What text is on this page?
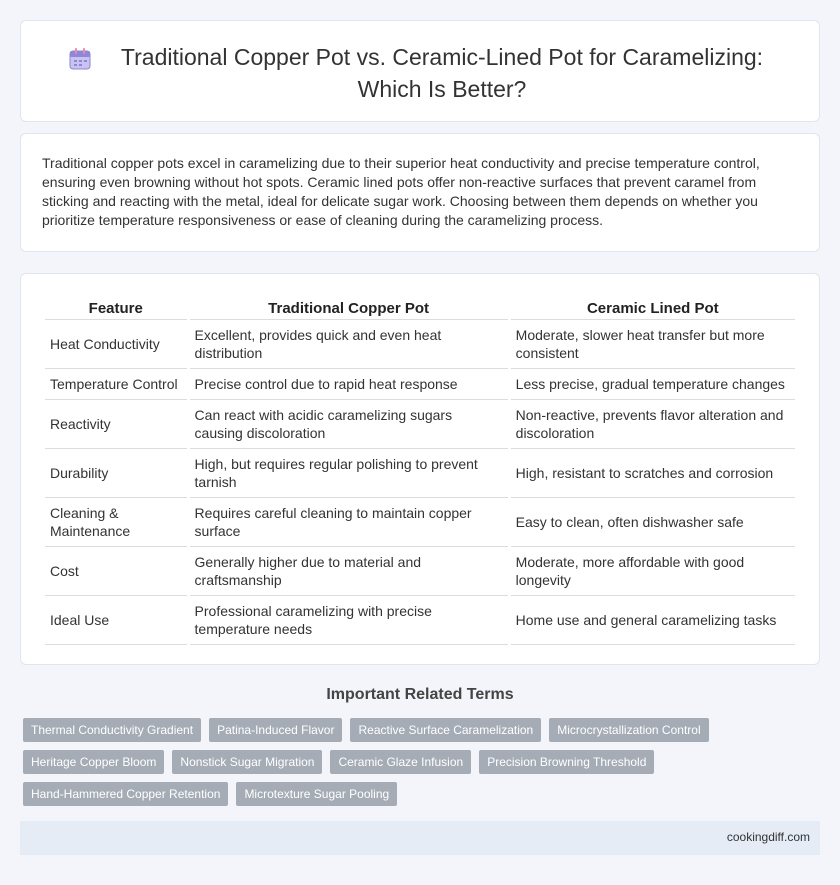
Traditional Copper Pot vs. Ceramic-Lined Pot for Caramelizing: Which Is Better?

Traditional copper pots excel in caramelizing due to their superior heat conductivity and precise temperature control, ensuring even browning without hot spots. Ceramic lined pots offer non-reactive surfaces that prevent caramel from sticking and reacting with the metal, ideal for delicate sugar work. Choosing between them depends on whether you prioritize temperature responsiveness or ease of cleaning during the caramelizing process.

Feature	Traditional Copper Pot	Ceramic Lined Pot
Heat Conductivity	Excellent, provides quick and even heat distribution	Moderate, slower heat transfer but more consistent
Temperature Control	Precise control due to rapid heat response	Less precise, gradual temperature changes
Reactivity	Can react with acidic caramelizing sugars causing discoloration	Non-reactive, prevents flavor alteration and discoloration
Durability	High, but requires regular polishing to prevent tarnish	High, resistant to scratches and corrosion
Cleaning & Maintenance	Requires careful cleaning to maintain copper surface	Easy to clean, often dishwasher safe
Cost	Generally higher due to material and craftsmanship	Moderate, more affordable with good longevity
Ideal Use	Professional caramelizing with precise temperature needs	Home use and general caramelizing tasks
Important Related Terms
Thermal Conductivity Gradient	Patina-Induced Flavor	Reactive Surface Caramelization	Microcrystallization Control
Heritage Copper Bloom	Nonstick Sugar Migration	Ceramic Glaze Infusion	Precision Browning Threshold
Hand-Hammered Copper Retention	Microtexture Sugar Pooling
cookingdiff.com
